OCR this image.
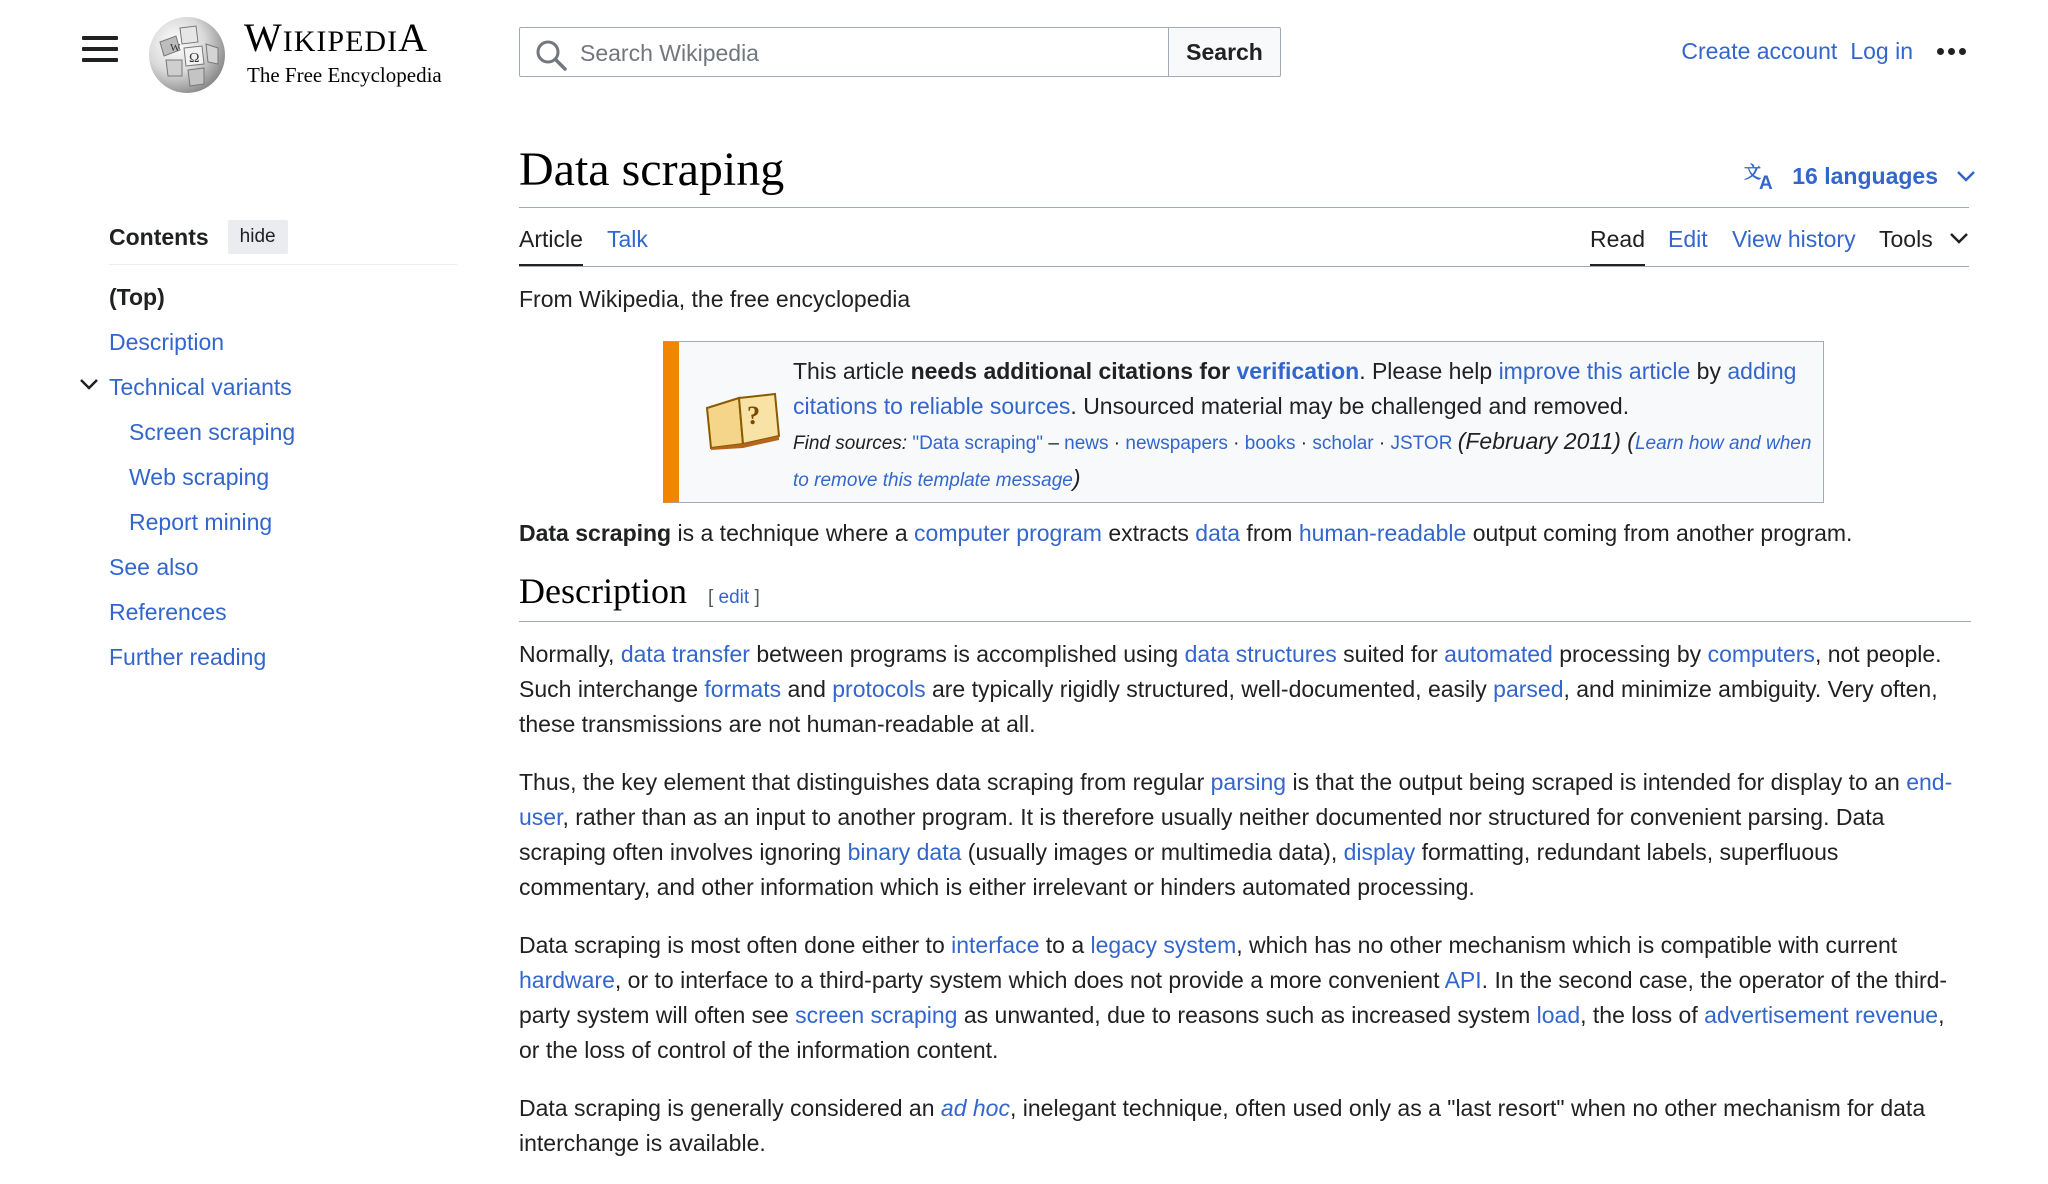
Ω
W WIKIPEDIA
The Free Encyclopedia
Search Wikipedia
Search	Create account Log in
Contents	hide
(Top)
Description
Technical variants
Screen scraping
Web scraping
Report mining
See also
References
Further reading
Data scraping	文
A 16 languages
Article Talk	Read Edit View history Tools
From Wikipedia, the free encyclopedia
?
This article needs additional citations for verification. Please help improve this article by adding citations to reliable sources. Unsourced material may be challenged and removed.
Find sources: "Data scraping" – news · newspapers · books · scholar · JSTOR (February 2011) (Learn how and when to remove this template message)

Data scraping is a technique where a computer program extracts data from human-readable output coming from another program.

Description [ edit ]

Normally, data transfer between programs is accomplished using data structures suited for automated processing by computers, not people. Such interchange formats and protocols are typically rigidly structured, well-documented, easily parsed, and minimize ambiguity. Very often, these transmissions are not human-readable at all.

Thus, the key element that distinguishes data scraping from regular parsing is that the output being scraped is intended for display to an end-user, rather than as an input to another program. It is therefore usually neither documented nor structured for convenient parsing. Data scraping often involves ignoring binary data (usually images or multimedia data), display formatting, redundant labels, superfluous commentary, and other information which is either irrelevant or hinders automated processing.

Data scraping is most often done either to interface to a legacy system, which has no other mechanism which is compatible with current hardware, or to interface to a third-party system which does not provide a more convenient API. In the second case, the operator of the third-party system will often see screen scraping as unwanted, due to reasons such as increased system load, the loss of advertisement revenue, or the loss of control of the information content.

Data scraping is generally considered an ad hoc, inelegant technique, often used only as a "last resort" when no other mechanism for data interchange is available.
